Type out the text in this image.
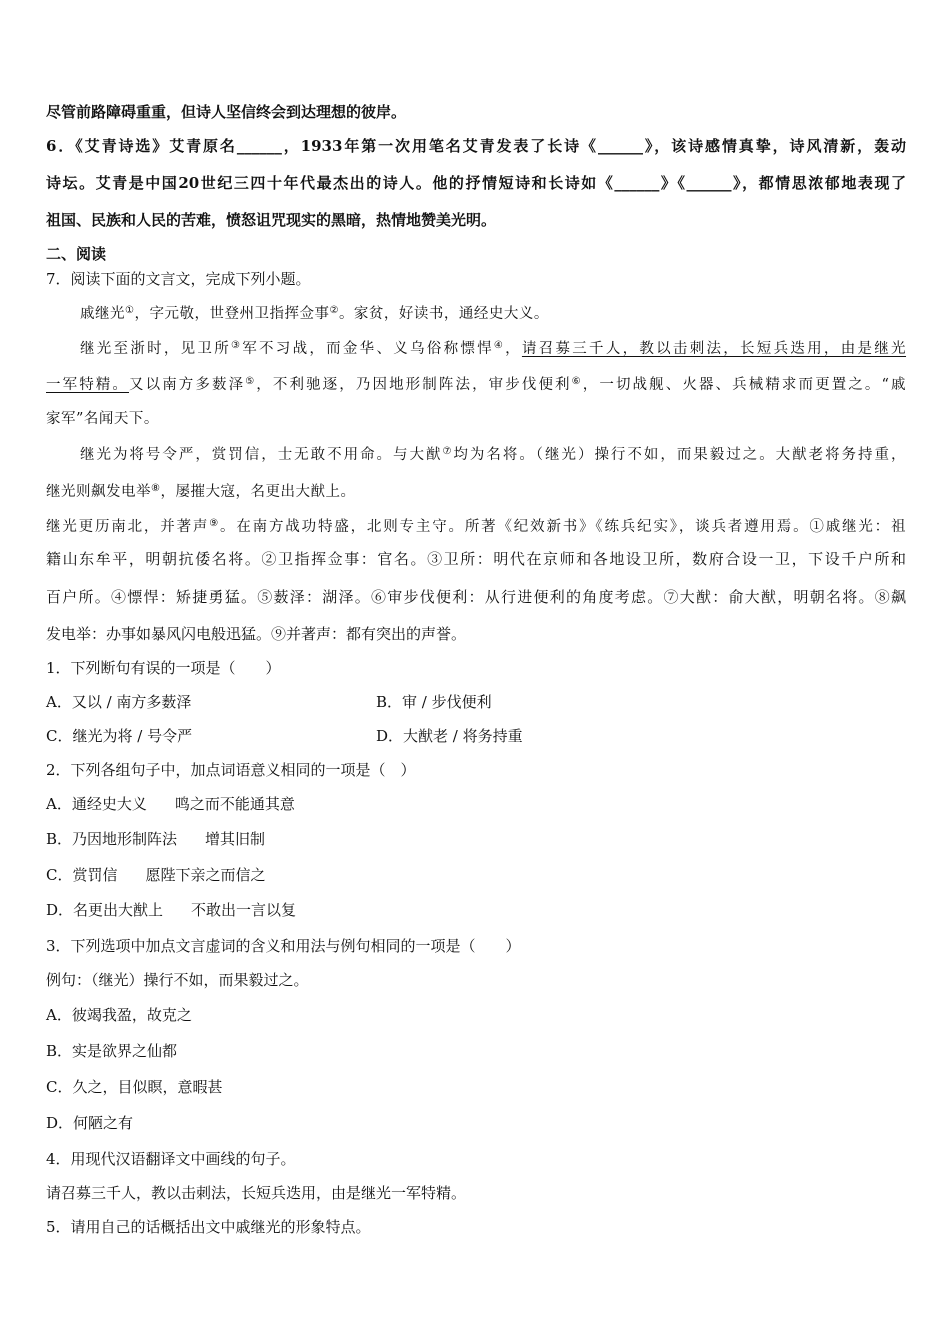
尽管前路障碍重重，但诗人坚信终会到达理想的彼岸。
6．《艾青诗选》艾青原名______，1933年第一次用笔名艾青发表了长诗《______》，该诗感情真挚，诗风清新，轰动
诗坛。艾青是中国20世纪三四十年代最杰出的诗人。他的抒情短诗和长诗如《______》《______》，都情思浓郁地表现了
祖国、民族和人民的苦难，愤怒诅咒现实的黑暗，热情地赞美光明。
二、阅读
7．阅读下面的文言文，完成下列小题。
戚继光①，字元敬，世登州卫指挥佥事②。家贫，好读书，通经史大义。
继光至浙时，见卫所③军不习战，而金华、义乌俗称慓悍④，请召募三千人，教以击刺法，长短兵迭用，由是继光
一军特精。又以南方多薮泽⑤，不利驰逐，乃因地形制阵法，审步伐便利⑥，一切战舰、火器、兵械精求而更置之。“戚
家军”名闻天下。
继光为将号令严，赏罚信，士无敢不用命。与大猷⑦均为名将。（继光）操行不如，而果毅过之。大猷老将务持重，
继光则飙发电举⑧，屡摧大寇，名更出大猷上。
继光更历南北，并著声⑨。在南方战功特盛，北则专主守。所著《纪效新书》《练兵纪实》，谈兵者遵用焉。①戚继光：祖
籍山东牟平，明朝抗倭名将。②卫指挥佥事：官名。③卫所：明代在京师和各地设卫所，数府合设一卫，下设千户所和
百户所。④慓悍：矫捷勇猛。⑤薮泽：湖泽。⑥审步伐便利：从行进便利的角度考虑。⑦大猷：俞大猷，明朝名将。⑧飙
发电举：办事如暴风闪电般迅猛。⑨并著声：都有突出的声誉。
1．下列断句有误的一项是（　　）
A．又以 / 南方多薮泽	B．审 / 步伐便利
C．继光为将 / 号令严	D．大猷老 / 将务持重
2．下列各组句子中，加点词语意义相同的一项是（　）
A．通经史大义 鸣之而不能通其意
B．乃因地形制阵法 增其旧制
C．赏罚信 愿陛下亲之而信之
D．名更出大猷上 不敢出一言以复
3．下列选项中加点文言虚词的含义和用法与例句相同的一项是（　　）
例句：（继光）操行不如，而果毅过之。
A．彼竭我盈，故克之
B．实是欲界之仙都
C．久之，目似瞑，意暇甚
D．何陋之有
4．用现代汉语翻译文中画线的句子。
请召募三千人，教以击刺法，长短兵迭用，由是继光一军特精。
5．请用自己的话概括出文中戚继光的形象特点。
